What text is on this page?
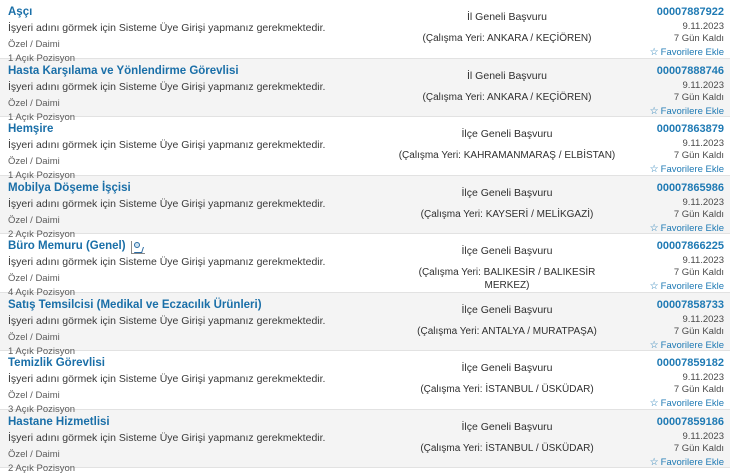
Aşçı
İşyeri adını görmek için Sisteme Üye Girişi yapmanız gerekmektedir.
Özel / Daimi
1 Açık Pozisyon
İl Geneli Başvuru
(Çalışma Yeri: ANKARA / KEÇİÖREN)
00007887922
9.11.2023
7 Gün Kaldı
☆ Favorilere Ekle
Hasta Karşılama ve Yönlendirme Görevlisi
İşyeri adını görmek için Sisteme Üye Girişi yapmanız gerekmektedir.
Özel / Daimi
1 Açık Pozisyon
İl Geneli Başvuru
(Çalışma Yeri: ANKARA / KEÇİÖREN)
00007888746
9.11.2023
7 Gün Kaldı
☆ Favorilere Ekle
Hemşire
İşyeri adını görmek için Sisteme Üye Girişi yapmanız gerekmektedir.
Özel / Daimi
1 Açık Pozisyon
İlçe Geneli Başvuru
(Çalışma Yeri: KAHRAMANMARAŞ / ELBİSTAN)
00007863879
9.11.2023
7 Gün Kaldı
☆ Favorilere Ekle
Mobilya Döşeme İşçisi
İşyeri adını görmek için Sisteme Üye Girişi yapmanız gerekmektedir.
Özel / Daimi
2 Açık Pozisyon
İlçe Geneli Başvuru
(Çalışma Yeri: KAYSERİ / MELİKGAZİ)
00007865986
9.11.2023
7 Gün Kaldı
☆ Favorilere Ekle
Büro Memuru (Genel)
İşyeri adını görmek için Sisteme Üye Girişi yapmanız gerekmektedir.
Özel / Daimi
4 Açık Pozisyon
İlçe Geneli Başvuru
(Çalışma Yeri: BALIKESİR / BALIKESİR MERKEZ)
00007866225
9.11.2023
7 Gün Kaldı
☆ Favorilere Ekle
Satış Temsilcisi (Medikal ve Eczacılık Ürünleri)
İşyeri adını görmek için Sisteme Üye Girişi yapmanız gerekmektedir.
Özel / Daimi
1 Açık Pozisyon
İlçe Geneli Başvuru
(Çalışma Yeri: ANTALYA / MURATPAŞA)
00007858733
9.11.2023
7 Gün Kaldı
☆ Favorilere Ekle
Temizlik Görevlisi
İşyeri adını görmek için Sisteme Üye Girişi yapmanız gerekmektedir.
Özel / Daimi
3 Açık Pozisyon
İlçe Geneli Başvuru
(Çalışma Yeri: İSTANBUL / ÜSKÜDAR)
00007859182
9.11.2023
7 Gün Kaldı
☆ Favorilere Ekle
Hastane Hizmetlisi
İşyeri adını görmek için Sisteme Üye Girişi yapmanız gerekmektedir.
Özel / Daimi
2 Açık Pozisyon
İlçe Geneli Başvuru
(Çalışma Yeri: İSTANBUL / ÜSKÜDAR)
00007859186
9.11.2023
7 Gün Kaldı
☆ Favorilere Ekle
